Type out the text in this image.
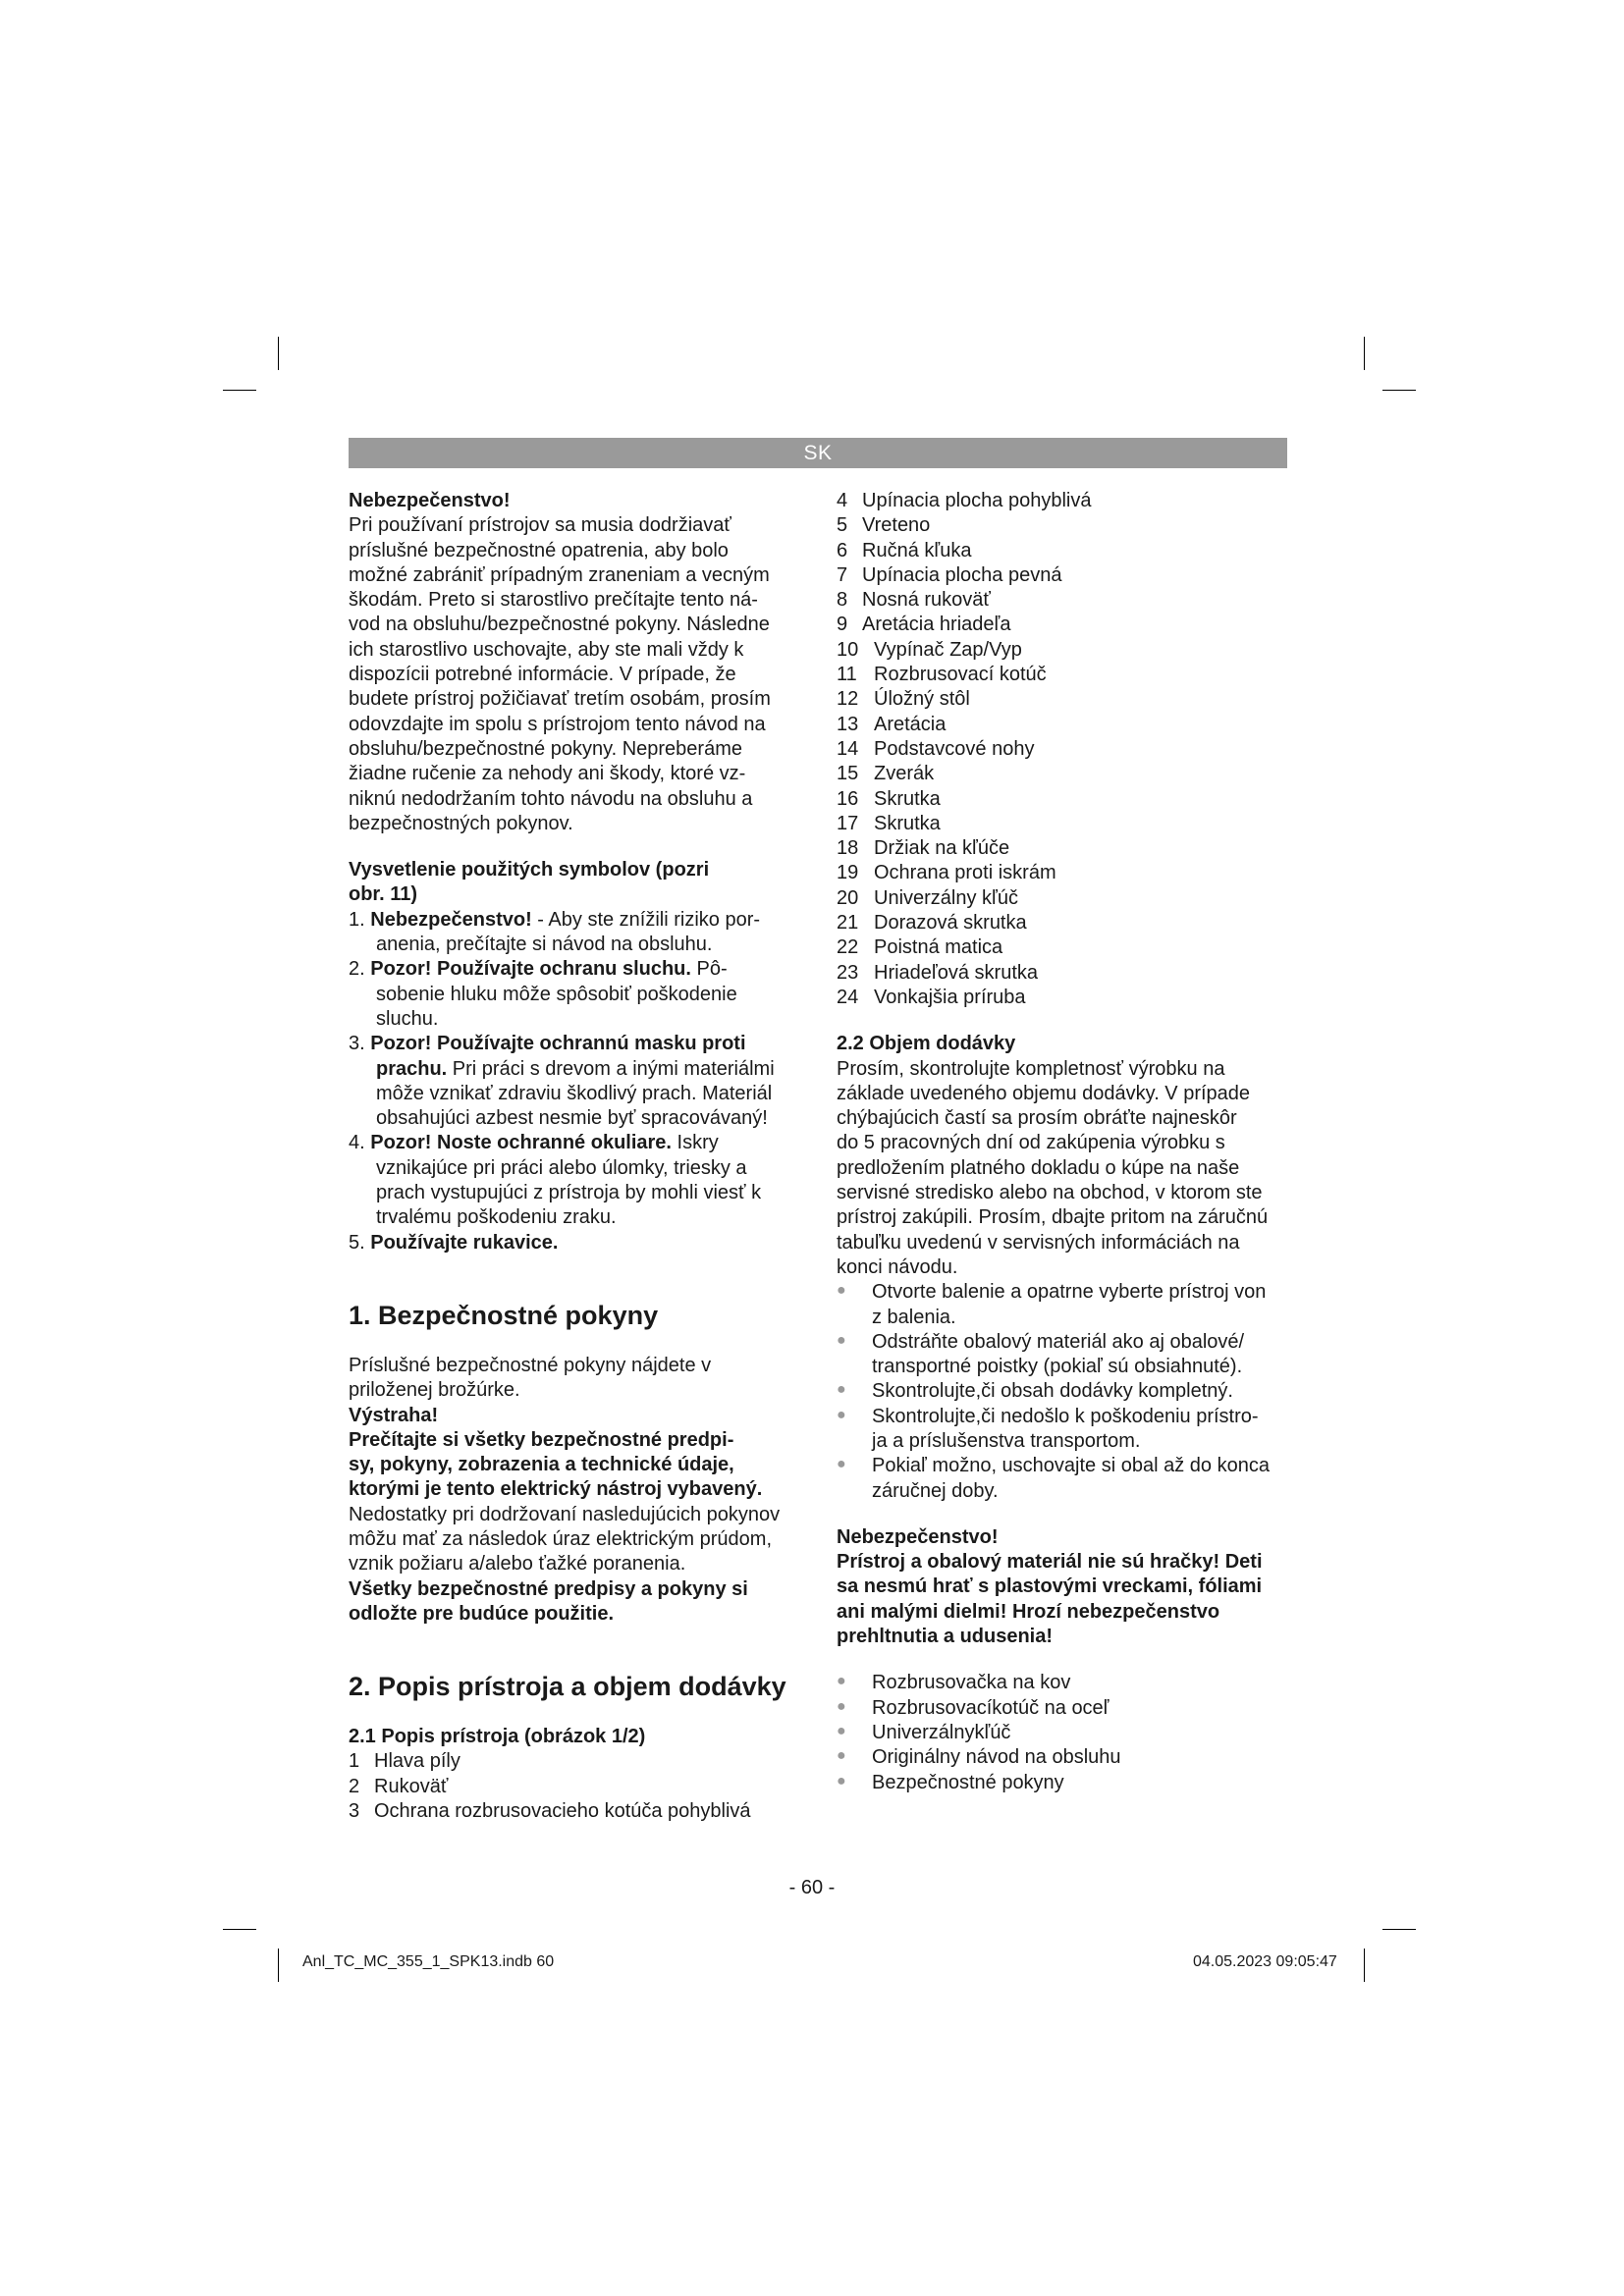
SK

Nebezpečenstvo!

Pri používaní prístrojov sa musia dodržiavať

príslušné bezpečnostné opatrenia, aby bolo

možné zabrániť prípadným zraneniam a vecným

škodám. Preto si starostlivo prečítajte tento ná-

vod na obsluhu/bezpečnostné pokyny. Následne

ich starostlivo uschovajte, aby ste mali vždy k

dispozícii potrebné informácie. V prípade, že

budete prístroj požičiavať tretím osobám, prosím

odovzdajte im spolu s prístrojom tento návod na

obsluhu/bezpečnostné pokyny. Nepreberáme

žiadne ručenie za nehody ani škody, ktoré vz-

niknú nedodržaním tohto návodu na obsluhu a

bezpečnostných pokynov.

Vysvetlenie použitých symbolov (pozri

obr. 11)

1. Nebezpečenstvo! - Aby ste znížili riziko por-
anenia, prečítajte si návod na obsluhu.
2. Pozor! Používajte ochranu sluchu. Pô-
sobenie hluku môže spôsobiť poškodenie
sluchu.
3. Pozor! Používajte ochrannú masku proti
prachu. Pri práci s drevom a inými materiálmi
môže vznikať zdraviu škodlivý prach. Materiál
obsahujúci azbest nesmie byť spracovávaný!
4. Pozor! Noste ochranné okuliare. Iskry
vznikajúce pri práci alebo úlomky, triesky a
prach vystupujúci z prístroja by mohli viesť k
trvalému poškodeniu zraku.
5. Používajte rukavice.

1. Bezpečnostné pokyny

Príslušné bezpečnostné pokyny nájdete v

priloženej brožúrke.

Výstraha!

Prečítajte si všetky bezpečnostné predpi-

sy, pokyny, zobrazenia a technické údaje,

ktorými je tento elektrický nástroj vybavený.

Nedostatky pri dodržovaní nasledujúcich pokynov

môžu mať za následok úraz elektrickým prúdom,

vznik požiaru a/alebo ťažké poranenia.

Všetky bezpečnostné predpisy a pokyny si

odložte pre budúce použitie.

2. Popis prístroja a objem dodávky

2.1 Popis prístroja (obrázok 1/2)

1 Hlava píly
2 Rukoväť
3 Ochrana rozbrusovacieho kotúča pohyblivá
4 Upínacia plocha pohyblivá
5 Vreteno
6 Ručná kľuka
7 Upínacia plocha pevná
8 Nosná rukoväť
9 Aretácia hriadeľa
10 Vypínač Zap/Vyp
11 Rozbrusovací kotúč
12 Úložný stôl
13 Aretácia
14 Podstavcové nohy
15 Zverák
16 Skrutka
17 Skrutka
18 Držiak na kľúče
19 Ochrana proti iskrám
20 Univerzálny kľúč
21 Dorazová skrutka
22 Poistná matica
23 Hriadeľová skrutka
24 Vonkajšia príruba

2.2 Objem dodávky

Prosím, skontrolujte kompletnosť výrobku na

základe uvedeného objemu dodávky. V prípade

chýbajúcich častí sa prosím obráťte najneskôr

do 5 pracovných dní od zakúpenia výrobku s

predložením platného dokladu o kúpe na naše

servisné stredisko alebo na obchod, v ktorom ste

prístroj zakúpili. Prosím, dbajte pritom na záručnú

tabuľku uvedenú v servisných informáciách na

konci návodu.

●	Otvorte balenie a opatrne vyberte prístroj von
z balenia.
●	Odstráňte obalový materiál ako aj obalové/
transportné poistky (pokiaľ sú obsiahnuté).
●	Skontrolujte,či obsah dodávky kompletný.
●	Skontrolujte,či nedošlo k poškodeniu prístro-
ja a príslušenstva transportom.
●	Pokiaľ možno, uschovajte si obal až do konca
záručnej doby.

Nebezpečenstvo!

Prístroj a obalový materiál nie sú hračky! Deti

sa nesmú hrať s plastovými vreckami, fóliami

ani malými dielmi! Hrozí nebezpečenstvo

prehltnutia a udusenia!

●	Rozbrusovačka na kov
●	Rozbrusovacíkotúč na oceľ
●	Univerzálnykľúč
●	Originálny návod na obsluhu
●	Bezpečnostné pokyny
- 60 -
Anl_TC_MC_355_1_SPK13.indb 60	04.05.2023 09:05:47
